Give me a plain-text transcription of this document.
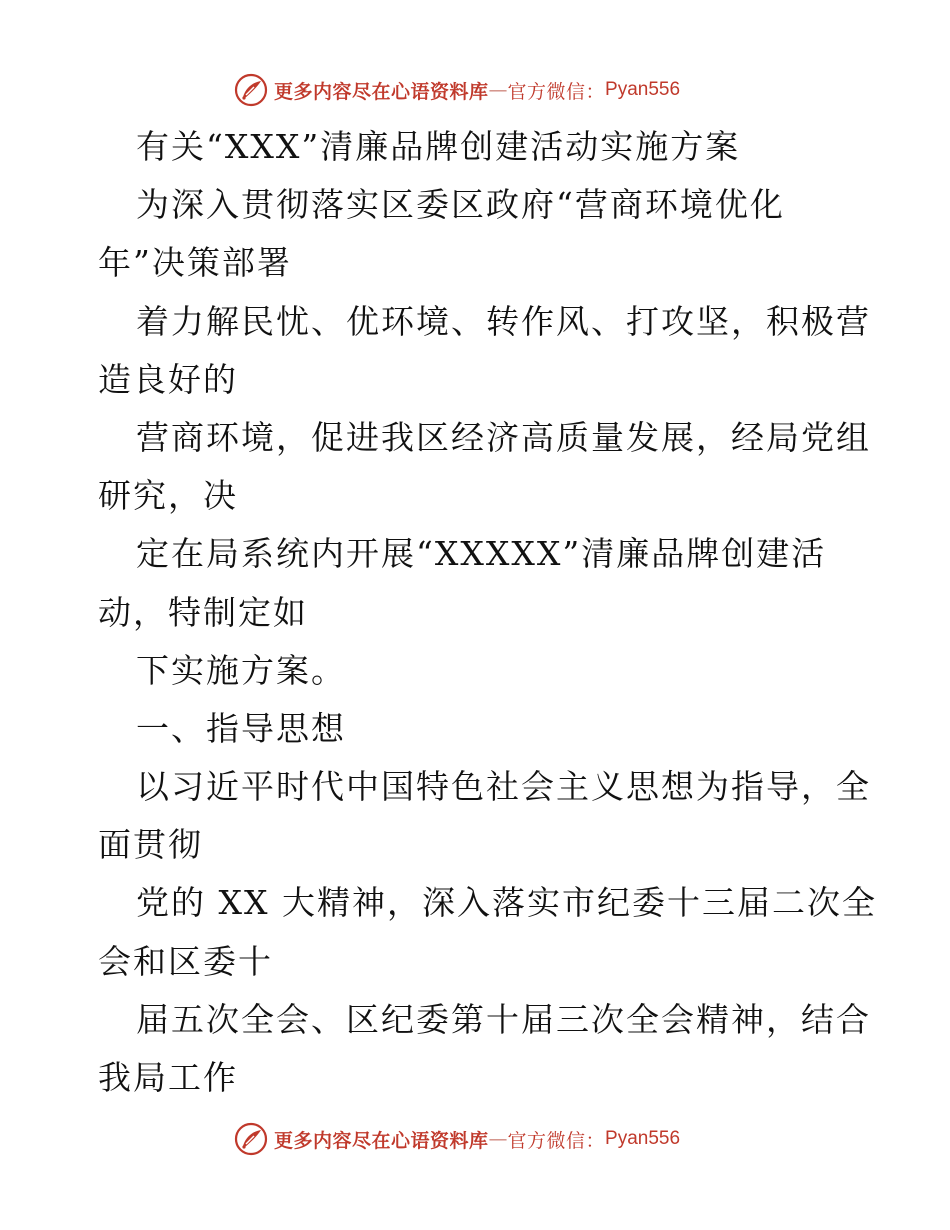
更多内容尽在心语资料库 — 官方微信： Pyan556
有关“XXX”清廉品牌创建活动实施方案
为深入贯彻落实区委区政府“营商环境优化
年”决策部署
着力解民忧、优环境、转作风、打攻坚，积极营
造良好的
营商环境，促进我区经济高质量发展，经局党组
研究，决
定在局系统内开展“XXXXX”清廉品牌创建活
动，特制定如
下实施方案。
一、指导思想
以习近平时代中国特色社会主义思想为指导，全
面贯彻
党的 XX 大精神，深入落实市纪委十三届二次全
会和区委十
届五次全会、区纪委第十届三次全会精神，结合
我局工作
更多内容尽在心语资料库 — 官方微信： Pyan556
